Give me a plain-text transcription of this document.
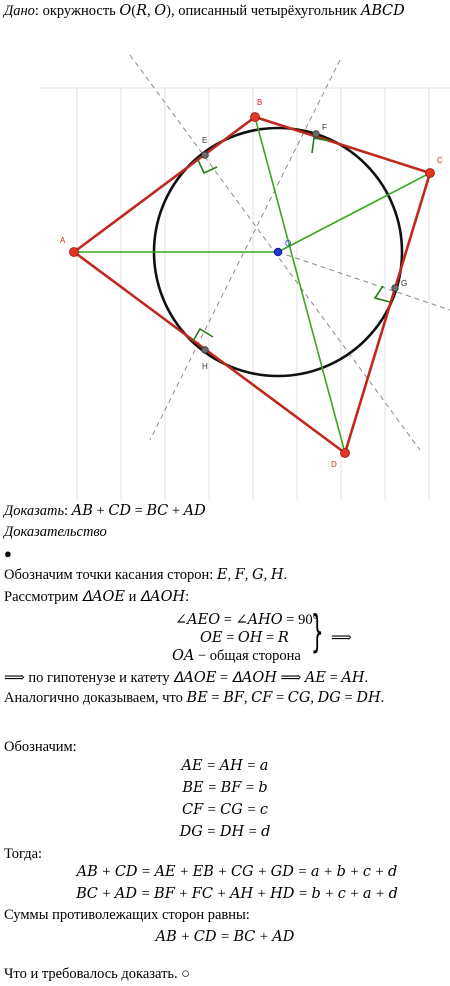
Дано: окружность 𝑂(𝑅, 𝑂), описанный четырёхугольник 𝐴𝐵𝐶𝐷
A
B
C
D
E
F
G
H
O
Доказать: 𝐴𝐵 + 𝐶𝐷 = 𝐵𝐶 + 𝐴𝐷
Доказательство
●
Обозначим точки касания сторон: 𝐸, 𝐹, 𝐺, 𝐻.
Рассмотрим 𝛥𝐴𝑂𝐸 и 𝛥𝐴𝑂𝐻:
∠𝐴𝐸𝑂 = ∠𝐴𝐻𝑂 = 90°
𝑂𝐸 = 𝑂𝐻 = 𝑅
𝑂𝐴 − общая сторона } ⟹
⟹ по гипотенузе и катету 𝛥𝐴𝑂𝐸 = 𝛥𝐴𝑂𝐻 ⟹ 𝐴𝐸 = 𝐴𝐻.
Аналогично доказываем, что 𝐵𝐸 = 𝐵𝐹, 𝐶𝐹 = 𝐶𝐺, 𝐷𝐺 = 𝐷𝐻.
Обозначим:
𝐴𝐸 = 𝐴𝐻 = 𝑎
𝐵𝐸 = 𝐵𝐹 = 𝑏
𝐶𝐹 = 𝐶𝐺 = 𝑐
𝐷𝐺 = 𝐷𝐻 = 𝑑
Тогда:
𝐴𝐵 + 𝐶𝐷 = 𝐴𝐸 + 𝐸𝐵 + 𝐶𝐺 + 𝐺𝐷 = 𝑎 + 𝑏 + 𝑐 + 𝑑
𝐵𝐶 + 𝐴𝐷 = 𝐵𝐹 + 𝐹𝐶 + 𝐴𝐻 + 𝐻𝐷 = 𝑏 + 𝑐 + 𝑎 + 𝑑
Суммы противолежащих сторон равны:
𝐴𝐵 + 𝐶𝐷 = 𝐵𝐶 + 𝐴𝐷
Что и требовалось доказать. ○
